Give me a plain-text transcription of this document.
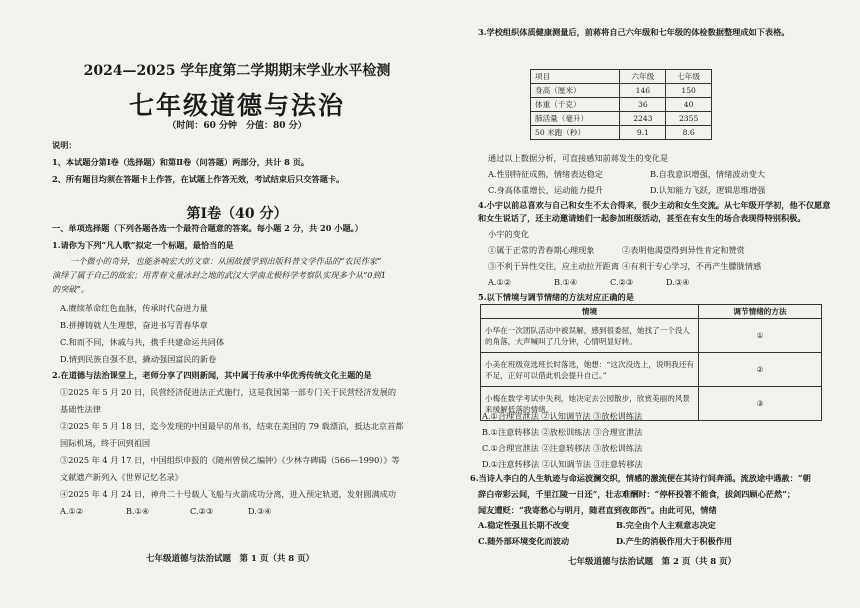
2024—2025 学年度第二学期期末学业水平检测
七年级道德与法治
（时间：60 分钟　分值：80 分）
说明：
1、本试题分第Ⅰ卷（选择题）和第Ⅱ卷（问答题）两部分，共计 8 页。
2、所有题目均须在答题卡上作答，在试题上作答无效，考试结束后只交答题卡。
第Ⅰ卷（40 分）
一、单项选择题（下列各题各选一个最符合题意的答案。每小题 2 分，共 20 小题。）
1.请你为下列“凡人歌”拟定一个标题，最恰当的是
一个微小的奇异，也能条响宏大的文章：从困故援学到出版科普文学作品的“农民作家”
演绎了属于自己的故宏；用青春文量冰封之地的武汉大学南北极科学考察队实现多个从“0到1
的突破”。
A.赓续革命红色血脉，传承时代奋进力量
B.拼搏铸就人生理想，奋进书写青春华章
C.和而不同，休戚与共，携手共建命运共同体
D.情到民族自强不息，撬动强国富民的新卷
2.在道德与法治课堂上，老师分享了四则新闻，其中属于传承中华优秀传统文化主题的是
①2025 年 5 月 20 日，民营经济促进法正式施行，这是我国第一部专门关于民营经济发展的
基础性法律
②2025 年 5 月 18 日，迄今发现的中国最早的帛书，结束在美国的 79 载漂泊，抵达北京首都
国际机场，终于回到祖国
③2025 年 4 月 17 日，中国组织申报的《随州曾侯乙编钟》《少林寺碑碣（566—1990）》等
文献遗产新列入《世界记忆名录》
④2025 年 4 月 24 日，神舟二十号载人飞船与火箭成功分离，进入预定轨道，发射圆满成功
A.①②	B.①④	C.②③	D.③④
七年级道德与法治试题　第 1 页（共 8 页）
3.学校组织体质健康测量后，前蒋将自己六年级和七年级的体检数据整理成如下表格。
项目	六年级	七年级
身高（厘米）	146	150
体重（千克）	36	40
肺活量（毫升）	2243	2355
50 米跑（秒）	9.1	8.6
通过以上数据分析，可直接感知前蒋发生的变化是
A.性别特征成熟，情绪表达稳定	B.自我意识增强，情绪波动变大
C.身高体重增长，运动能力提升	D.认知能力飞跃，逻辑思维增强
4.小宇以前总喜欢与自己和女生不太合得来，很少主动和女生交流。从七年级开学初，他不仅愿意
和女生说话了，还主动邀请她们一起参加班级活动，甚至在有女生的场合表现得特别积极。
小宇的变化
①属于正常的青春期心理现象	②表明他渴望得到异性肯定和赞赏
③不利于异性交往，应主动拉开距离 ④有利于专心学习，不再产生朦胧情感
A.①②	B.①④	C.②③	D.③④
5.以下情境与调节情绪的方法对应正确的是
情境	调节情绪的方法
小华在一次团队活动中被误解，感到很委屈，她找了一个没人的角落，大声喊叫了几分钟，心情明显好转。	①
小美在班级竞选班长时落选，她想：“这次没选上，说明我还有不足，正好可以借此机会提升自己。”	②
小梅在数学考试中失利，她决定去公园散步，欣赏美丽的风景来缓解低落的情绪。	③
A.①合理宣泄法 ②认知调节法 ③放松训练法
B.①注意转移法 ②放松训练法 ③合理宣泄法
C.①合理宣泄法 ②注意转移法 ③放松训练法
D.①注意转移法 ②认知调节法 ③注意转移法
6.当诗人李白的人生轨迹与命运波澜交织，情感的激流便在其诗行间奔涌。流放途中遇赦：“朝
辞白帝彩云间，千里江陵一日还”，壮志难酬时：“停杯投箸不能食，拔剑四顾心茫然”；
闻友遭贬：“我寄愁心与明月，随君直到夜郎西”。由此可见，情绪
A.稳定性强且长期不改变	B.完全由个人主观意志决定
C.随外部环境变化而波动	D.产生的消极作用大于积极作用
七年级道德与法治试题　第 2 页（共 8 页）
